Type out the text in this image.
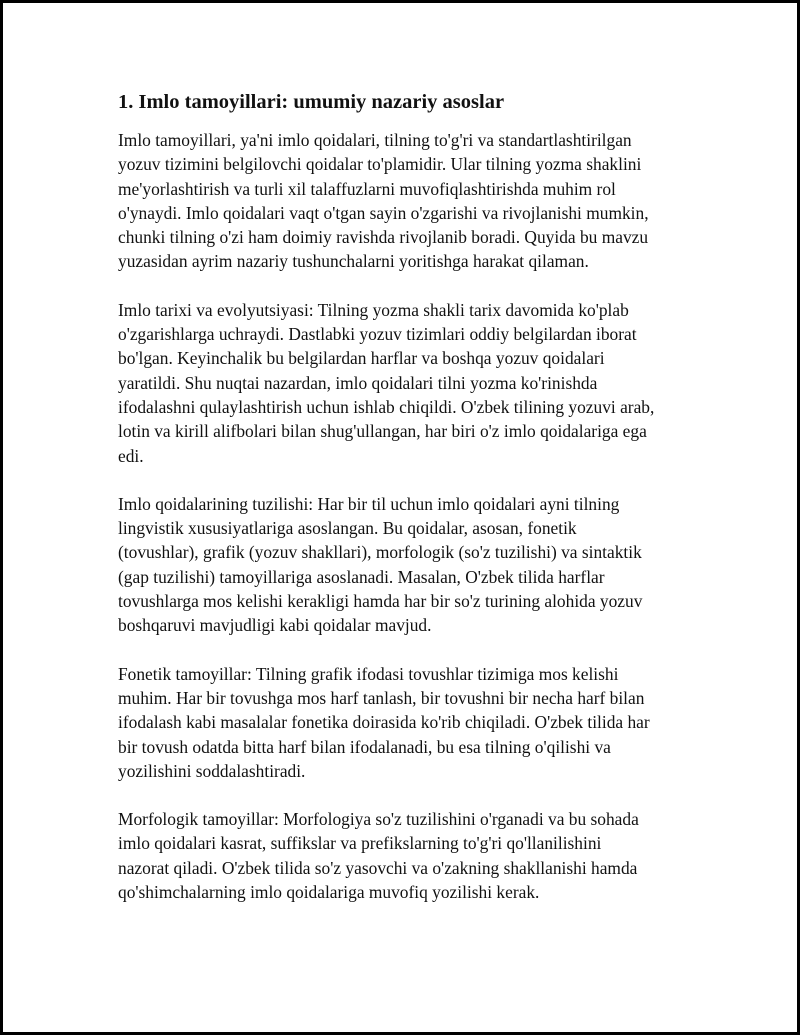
1. Imlo tamoyillari: umumiy nazariy asoslar

Imlo tamoyillari, ya'ni imlo qoidalari, tilning to'g'ri va standartlashtirilgan
yozuv tizimini belgilovchi qoidalar to'plamidir. Ular tilning yozma shaklini
me'yorlashtirish va turli xil talaffuzlarni muvofiqlashtirishda muhim rol
o'ynaydi. Imlo qoidalari vaqt o'tgan sayin o'zgarishi va rivojlanishi mumkin,
chunki tilning o'zi ham doimiy ravishda rivojlanib boradi. Quyida bu mavzu
yuzasidan ayrim nazariy tushunchalarni yoritishga harakat qilaman.

Imlo tarixi va evolyutsiyasi: Tilning yozma shakli tarix davomida ko'plab
o'zgarishlarga uchraydi. Dastlabki yozuv tizimlari oddiy belgilardan iborat
bo'lgan. Keyinchalik bu belgilardan harflar va boshqa yozuv qoidalari
yaratildi. Shu nuqtai nazardan, imlo qoidalari tilni yozma ko'rinishda
ifodalashni qulaylashtirish uchun ishlab chiqildi. O'zbek tilining yozuvi arab,
lotin va kirill alifbolari bilan shug'ullangan, har biri o'z imlo qoidalariga ega
edi.

Imlo qoidalarining tuzilishi: Har bir til uchun imlo qoidalari ayni tilning
lingvistik xususiyatlariga asoslangan. Bu qoidalar, asosan, fonetik
(tovushlar), grafik (yozuv shakllari), morfologik (so'z tuzilishi) va sintaktik
(gap tuzilishi) tamoyillariga asoslanadi. Masalan, O'zbek tilida harflar
tovushlarga mos kelishi kerakligi hamda har bir so'z turining alohida yozuv
boshqaruvi mavjudligi kabi qoidalar mavjud.

Fonetik tamoyillar: Tilning grafik ifodasi tovushlar tizimiga mos kelishi
muhim. Har bir tovushga mos harf tanlash, bir tovushni bir necha harf bilan
ifodalash kabi masalalar fonetika doirasida ko'rib chiqiladi. O'zbek tilida har
bir tovush odatda bitta harf bilan ifodalanadi, bu esa tilning o'qilishi va
yozilishini soddalashtiradi.

Morfologik tamoyillar: Morfologiya so'z tuzilishini o'rganadi va bu sohada
imlo qoidalari kasrat, suffikslar va prefikslarning to'g'ri qo'llanilishini
nazorat qiladi. O'zbek tilida so'z yasovchi va o'zakning shakllanishi hamda
qo'shimchalarning imlo qoidalariga muvofiq yozilishi kerak.
